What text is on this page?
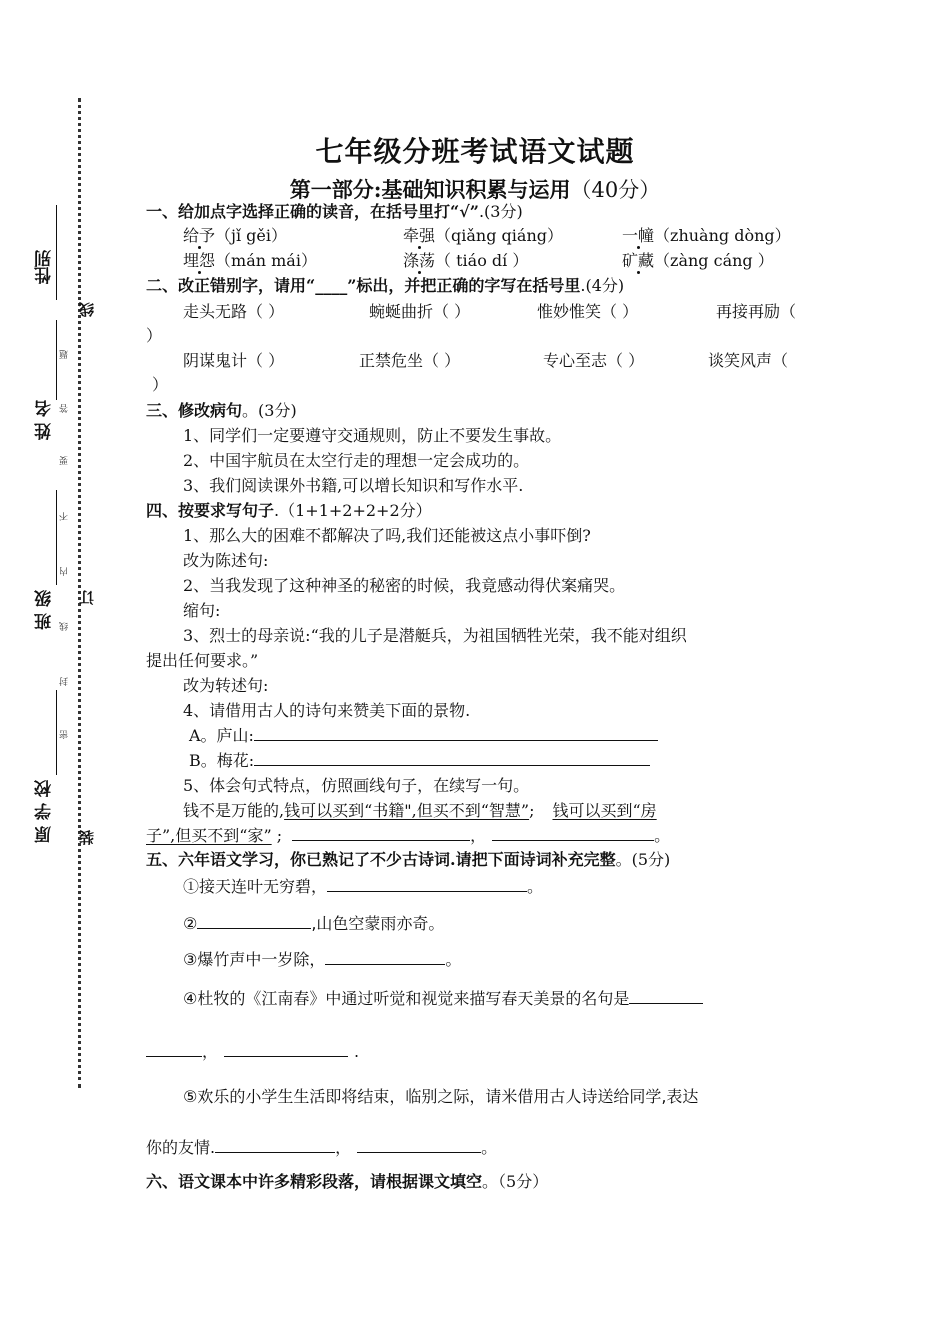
性别
姓 名
班 级
原 学 校
线
订
装
题
答
要
不
内
线
封
密
七年级分班考试语文试题
第一部分:基础知识积累与运用（40分）
一、给加点字选择正确的读音，在括号里打“√”.(3分)
给予（jǐ gěi）	牵强（qiǎng qiáng）	一幢（zhuàng dòng）
埋怨（mán mái）	涤荡（ tiáo dí ）	矿藏（zàng cáng ）
二、改正错别字，请用“____”标出，并把正确的字写在括号里.(4分)
走头无路（ ）	蜿蜒曲折（ ）	惟妙惟笑（ ）	再接再励（
）
阴谋鬼计（ ）	正禁危坐（ ）	专心至志（ ）	谈笑风声（
）
三、修改病句。(3分)
1、同学们一定要遵守交通规则，防止不要发生事故。
2、中国宇航员在太空行走的理想一定会成功的。
3、我们阅读课外书籍,可以增长知识和写作水平.
四、按要求写句子.（1+1+2+2+2分）
1、那么大的困难不都解决了吗,我们还能被这点小事吓倒?
改为陈述句:
2、当我发现了这种神圣的秘密的时候，我竟感动得伏案痛哭。
缩句:
3、烈士的母亲说:“我的儿子是潜艇兵，为祖国牺牲光荣，我不能对组织
提出任何要求。”
改为转述句:
4、请借用古人的诗句来赞美下面的景物.
A。庐山:
B。梅花:
5、体会句式特点，仿照画线句子，在续写一句。
钱不是万能的,钱可以买到“书籍",但买不到“智慧”; 钱可以买到“房
子”,但买不到“家” ;	，	。
五、六年语文学习，你已熟记了不少古诗词.请把下面诗词补充完整。(5分)
①接天连叶无穷碧，	。
②	,山色空蒙雨亦奇。
③爆竹声中一岁除，	。
④杜牧的《江南春》中通过听觉和视觉来描写春天美景的名句是
，	.
⑤欢乐的小学生生活即将结束，临别之际，请米借用古人诗送给同学,表达
你的友情.	，	。
六、语文课本中许多精彩段落，请根据课文填空。（5分）
